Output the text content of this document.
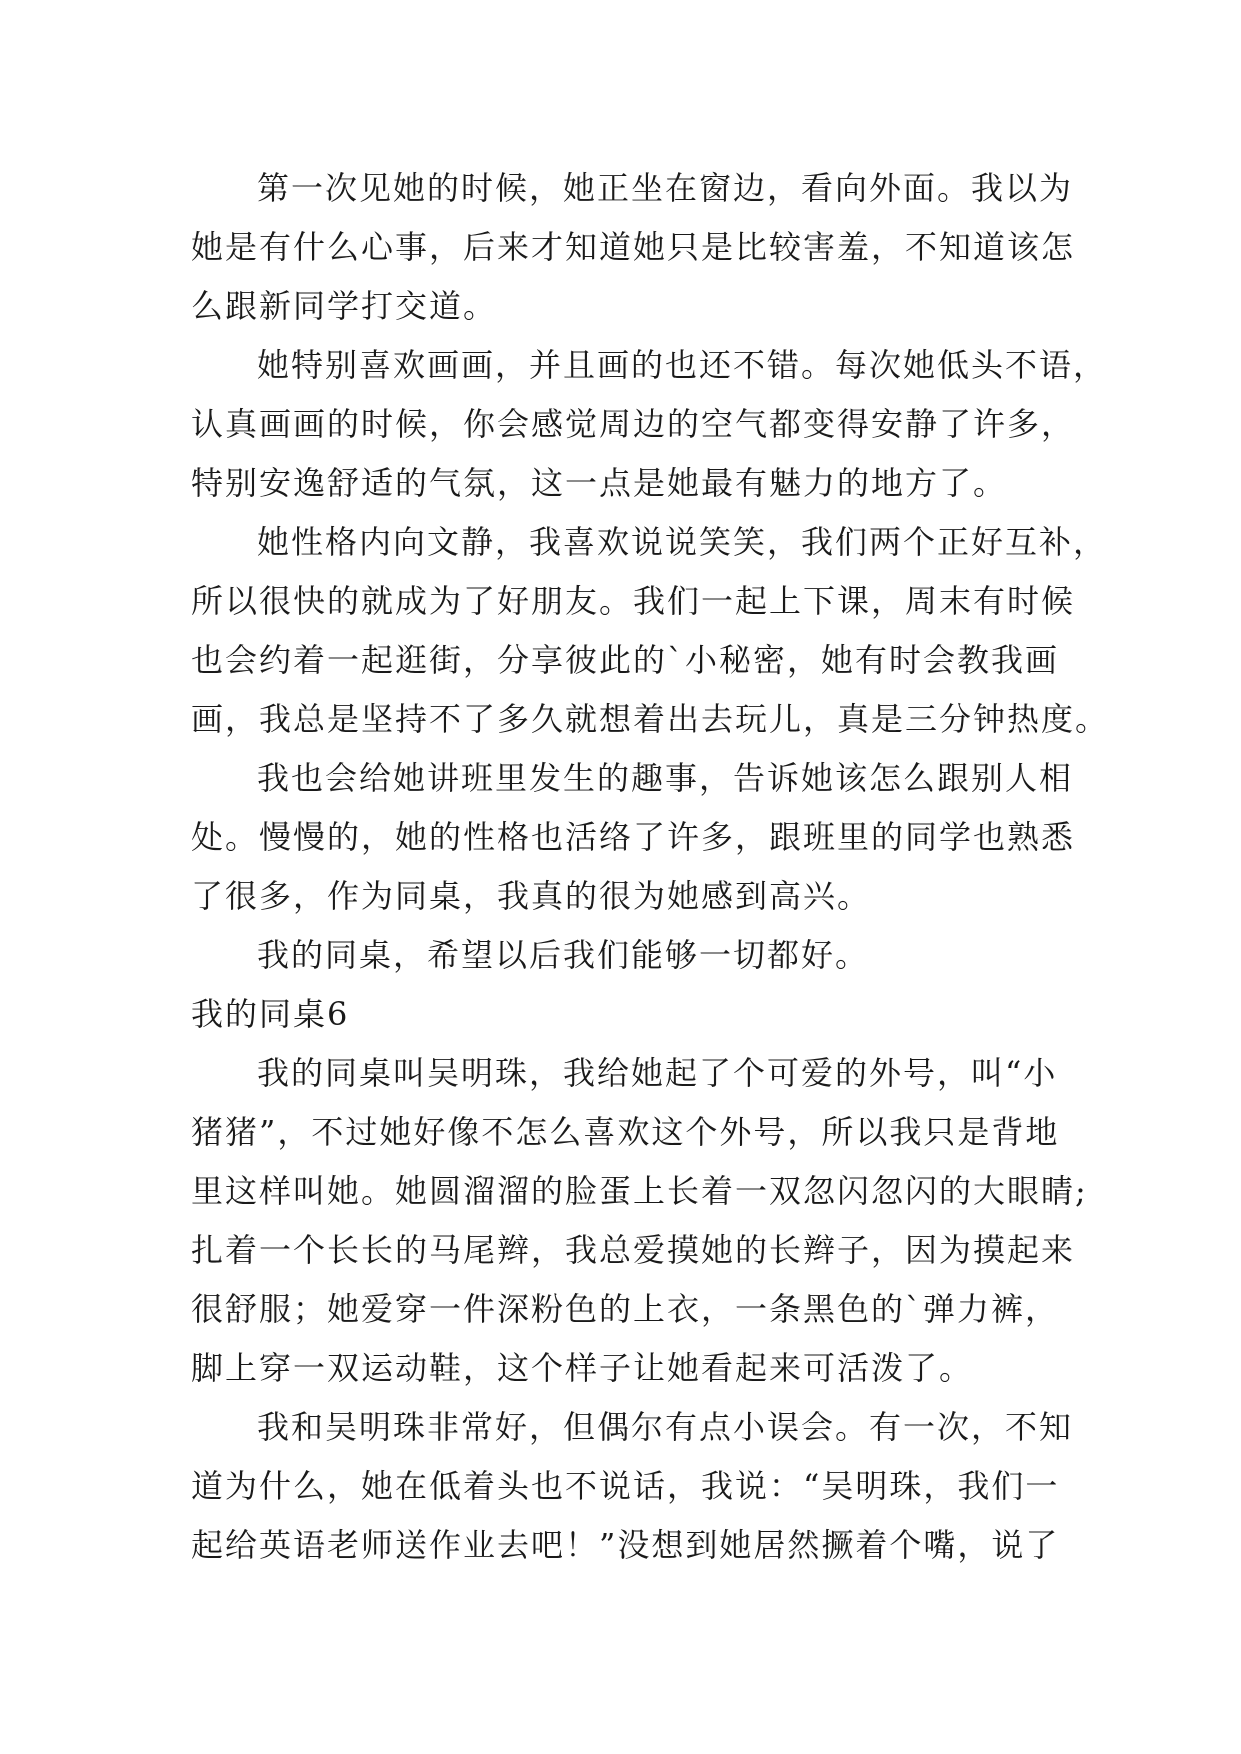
第一次见她的时候，她正坐在窗边，看向外面。我以为
她是有什么心事，后来才知道她只是比较害羞，不知道该怎
么跟新同学打交道。
她特别喜欢画画，并且画的也还不错。每次她低头不语，
认真画画的时候，你会感觉周边的空气都变得安静了许多，
特别安逸舒适的气氛，这一点是她最有魅力的地方了。
她性格内向文静，我喜欢说说笑笑，我们两个正好互补，
所以很快的就成为了好朋友。我们一起上下课，周末有时候
也会约着一起逛街，分享彼此的`小秘密，她有时会教我画
画，我总是坚持不了多久就想着出去玩儿，真是三分钟热度。
我也会给她讲班里发生的趣事，告诉她该怎么跟别人相
处。慢慢的，她的性格也活络了许多，跟班里的同学也熟悉
了很多，作为同桌，我真的很为她感到高兴。
我的同桌，希望以后我们能够一切都好。
我的同桌6
我的同桌叫吴明珠，我给她起了个可爱的外号，叫“小
猪猪”，不过她好像不怎么喜欢这个外号，所以我只是背地
里这样叫她。她圆溜溜的脸蛋上长着一双忽闪忽闪的大眼睛;
扎着一个长长的马尾辫，我总爱摸她的长辫子，因为摸起来
很舒服；她爱穿一件深粉色的上衣，一条黑色的`弹力裤，
脚上穿一双运动鞋，这个样子让她看起来可活泼了。
我和吴明珠非常好，但偶尔有点小误会。有一次，不知
道为什么，她在低着头也不说话，我说：“吴明珠，我们一
起给英语老师送作业去吧！”没想到她居然撅着个嘴，说了
